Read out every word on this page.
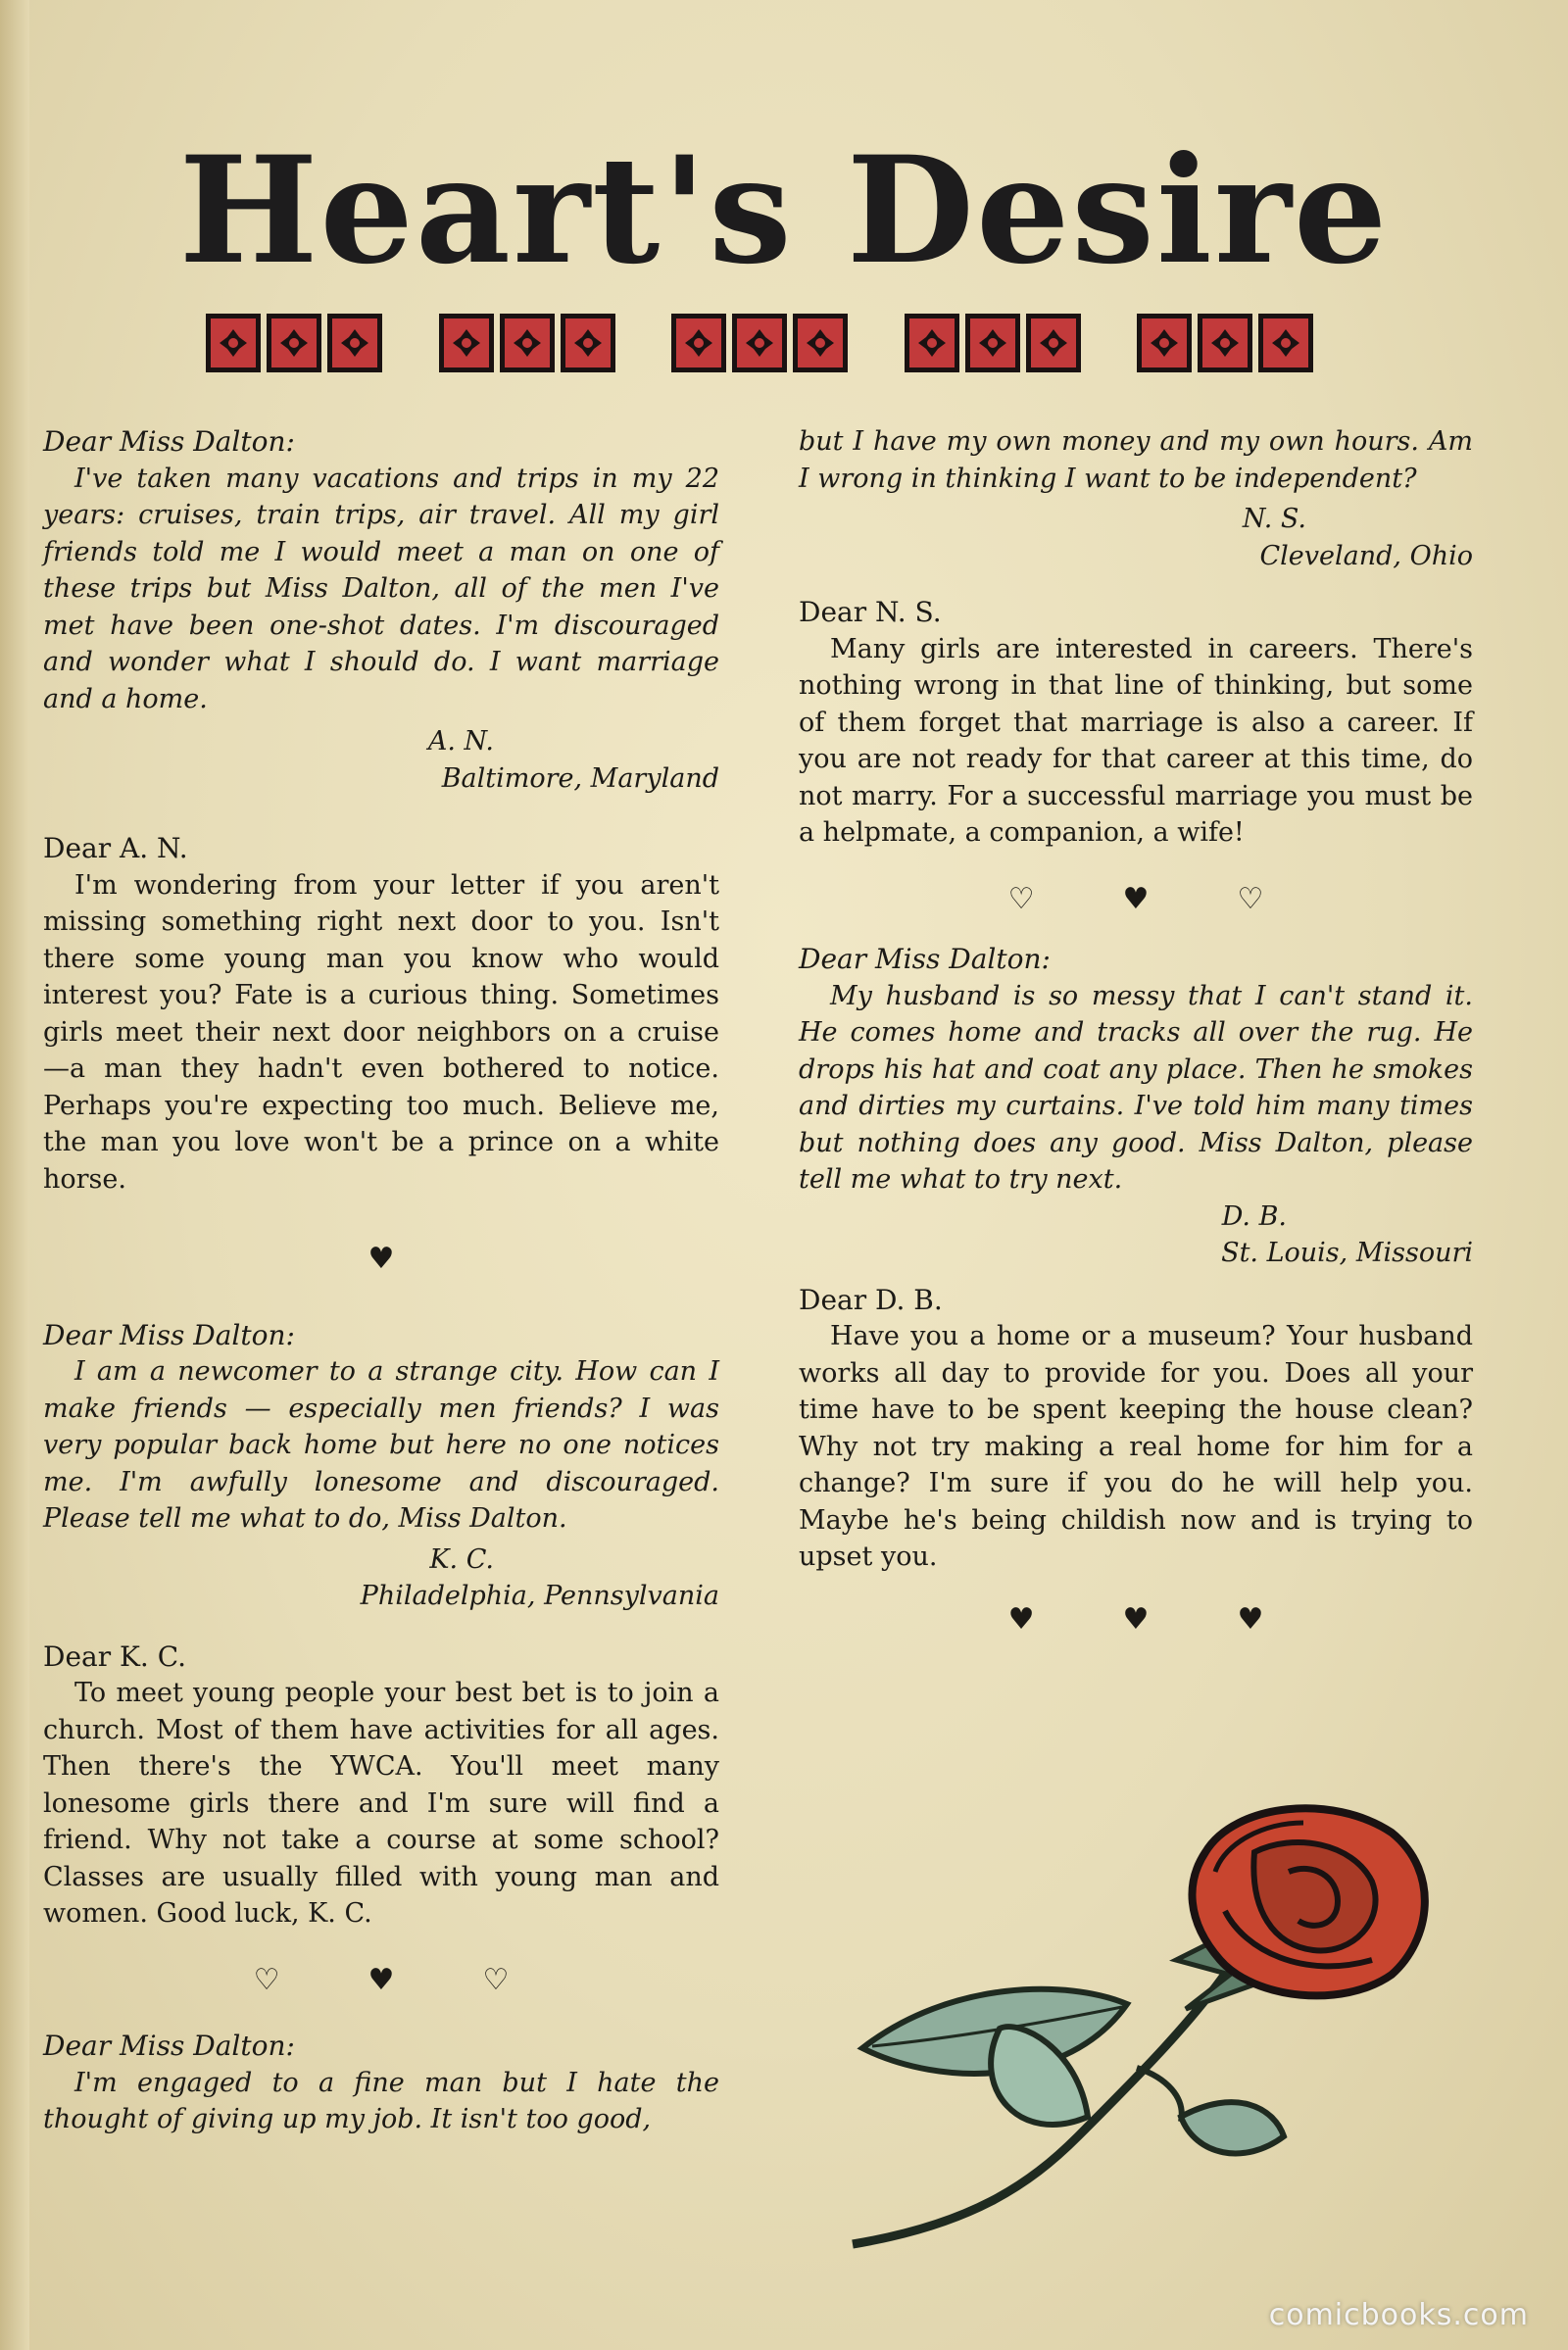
Heart's Desire

Dear Miss Dalton:

I've taken many vacations and trips in my 22 years: cruises, train trips, air travel. All my girl friends told me I would meet a man on one of these trips but Miss Dalton, all of the men I've met have been one-shot dates. I'm discouraged and wonder what I should do. I want marriage and a home.

A. N.

Baltimore, Maryland

Dear A. N.

I'm wondering from your letter if you aren't missing something right next door to you. Isn't there some young man you know who would interest you? Fate is a curious thing. Sometimes girls meet their next door neighbors on a cruise —a man they hadn't even bothered to notice. Perhaps you're expecting too much. Believe me, the man you love won't be a prince on a white horse.

♥

Dear Miss Dalton:

I am a newcomer to a strange city. How can I make friends — especially men friends? I was very popular back home but here no one notices me. I'm awfully lonesome and discouraged. Please tell me what to do, Miss Dalton.

K. C.

Philadelphia, Pennsylvania

Dear K. C.

To meet young people your best bet is to join a church. Most of them have activities for all ages. Then there's the YWCA. You'll meet many lonesome girls there and I'm sure will find a friend. Why not take a course at some school? Classes are usually filled with young man and women. Good luck, K. C.

♡	♥	♡

Dear Miss Dalton:

I'm engaged to a fine man but I hate the thought of giving up my job. It isn't too good,

but I have my own money and my own hours. Am I wrong in thinking I want to be independent?

N. S.

Cleveland, Ohio

Dear N. S.

Many girls are interested in careers. There's nothing wrong in that line of thinking, but some of them forget that marriage is also a career. If you are not ready for that career at this time, do not marry. For a successful marriage you must be a helpmate, a companion, a wife!

♡	♥	♡

Dear Miss Dalton:

My husband is so messy that I can't stand it. He comes home and tracks all over the rug. He drops his hat and coat any place. Then he smokes and dirties my curtains. I've told him many times but nothing does any good. Miss Dalton, please tell me what to try next.

D. B.

St. Louis, Missouri

Dear D. B.

Have you a home or a museum? Your husband works all day to provide for you. Does all your time have to be spent keeping the house clean? Why not try making a real home for him for a change? I'm sure if you do he will help you. Maybe he's being childish now and is trying to upset you.

♥	♥	♥

comicbooks.com
